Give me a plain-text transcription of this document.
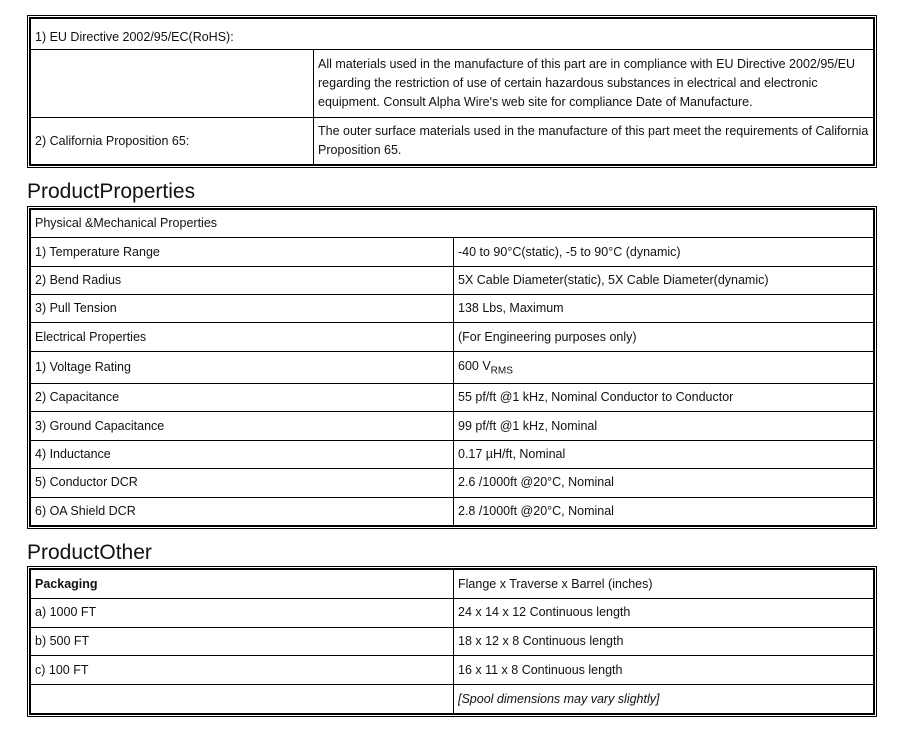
1) EU Directive 2002/95/EC(RoHS):	
	All materials used in the manufacture of this part are in compliance with EU Directive 2002/95/EU regarding the restriction of use of certain hazardous substances in electrical and electronic equipment. Consult Alpha Wire's web site for compliance Date of Manufacture.
2) California Proposition 65:	The outer surface materials used in the manufacture of this part meet the requirements of California Proposition 65.
ProductProperties
Physical &Mechanical Properties	
1) Temperature Range	-40 to 90°C(static), -5 to 90°C (dynamic)
2) Bend Radius	5X Cable Diameter(static), 5X Cable Diameter(dynamic)
3) Pull Tension	138 Lbs, Maximum
Electrical Properties	(For Engineering purposes only)
1) Voltage Rating	600 $V_{RMS}$
2) Capacitance	55 pf/ft @1 kHz, Nominal Conductor to Conductor
3) Ground Capacitance	99 pf/ft @1 kHz, Nominal
4) Inductance	0.17 µH/ft, Nominal
5) Conductor DCR	2.6 /1000ft @20°C, Nominal
6) OA Shield DCR	2.8 /1000ft @20°C, Nominal
ProductOther
Packaging	Flange x Traverse x Barrel (inches)
a) 1000 FT	24 x 14 x 12 Continuous length
b) 500 FT	18 x 12 x 8 Continuous length
c) 100 FT	16 x 11 x 8 Continuous length
	[Spool dimensions may vary slightly]
